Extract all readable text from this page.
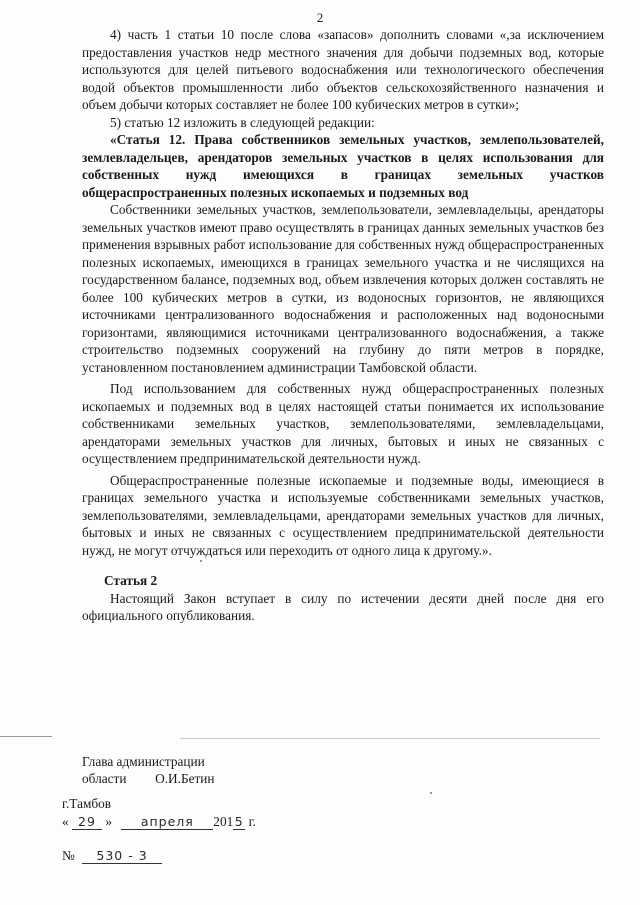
2

4) часть 1 статьи 10 после слова «запасов» дополнить словами «,за исключением предоставления участков недр местного значения для добычи подземных вод, которые используются для целей питьевого водоснабжения или технологического обеспечения водой объектов промышленности либо объектов сельскохозяйственного назначения и объем добычи которых составляет не более 100 кубических метров в сутки»;

5) статью 12 изложить в следующей редакции:

«Статья 12. Права собственников земельных участков, землепользователей, землевладельцев, арендаторов земельных участков в целях использования для собственных нужд имеющихся в границах земельных участков общераспространенных полезных ископаемых и подземных вод

Собственники земельных участков, землепользователи, землевладельцы, арендаторы земельных участков имеют право осуществлять в границах данных земельных участков без применения взрывных работ использование для собственных нужд общераспространенных полезных ископаемых, имеющихся в границах земельного участка и не числящихся на государственном балансе, подземных вод, объем извлечения которых должен составлять не более 100 кубических метров в сутки, из водоносных горизонтов, не являющихся источниками централизованного водоснабжения и расположенных над водоносными горизонтами, являющимися источниками централизованного водоснабжения, а также строительство подземных сооружений на глубину до пяти метров в порядке, установленном постановлением администрации Тамбовской области.

Под использованием для собственных нужд общераспространенных полезных ископаемых и подземных вод в целях настоящей статьи понимается их использование собственниками земельных участков, землепользователями, землевладельцами, арендаторами земельных участков для личных, бытовых и иных не связанных с осуществлением предпринимательской деятельности нужд.

Общераспространенные полезные ископаемые и подземные воды, имеющиеся в границах земельного участка и используемые собственниками земельных участков, землепользователями, землевладельцами, арендаторами земельных участков для личных, бытовых и иных не связанных с осуществлением предпринимательской деятельности нужд, не могут отчуждаться или переходить от одного лица к другому.».

Статья 2

Настоящий Закон вступает в силу по истечении десяти дней после дня его официального опубликования.

Глава администрации
области О.И.Бетин
г.Тамбов
« 29 » апреля 201 5 г.
№ 530 - 3
